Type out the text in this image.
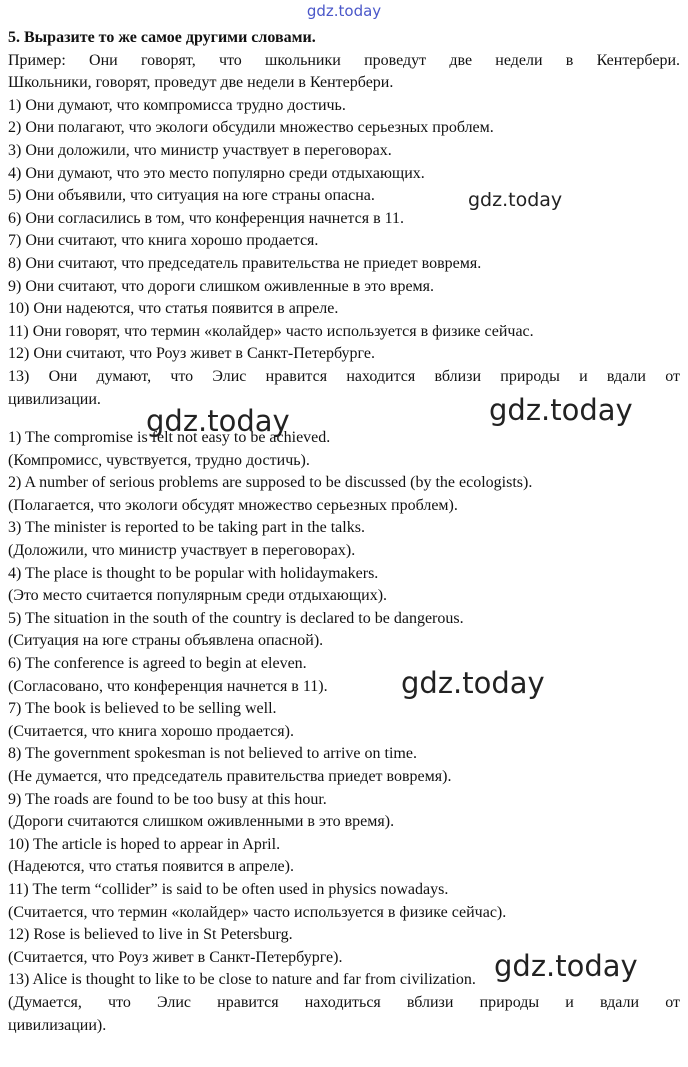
gdz.today
5. Выразите то же самое другими словами.
Пример: Они говорят, что школьники проведут две недели в Кентербери.
Школьники, говорят, проведут две недели в Кентербери.
1) Они думают, что компромисса трудно достичь.
2) Они полагают, что экологи обсудили множество серьезных проблем.
3) Они доложили, что министр участвует в переговорах.
4) Они думают, что это место популярно среди отдыхающих.
5) Они объявили, что ситуация на юге страны опасна.
6) Они согласились в том, что конференция начнется в 11.
7) Они считают, что книга хорошо продается.
8) Они считают, что председатель правительства не приедет вовремя.
9) Они считают, что дороги слишком оживленные в это время.
10) Они надеются, что статья появится в апреле.
11) Они говорят, что термин «колайдер» часто используется в физике сейчас.
12) Они считают, что Роуз живет в Санкт-Петербурге.
13) Они думают, что Элис нравится находится вблизи природы и вдали от
цивилизации.
1) The compromise is felt not easy to be achieved.
(Компромисс, чувствуется, трудно достичь).
2) A number of serious problems are supposed to be discussed (by the ecologists).
(Полагается, что экологи обсудят множество серьезных проблем).
3) The minister is reported to be taking part in the talks.
(Доложили, что министр участвует в переговорах).
4) The place is thought to be popular with holidaymakers.
(Это место считается популярным среди отдыхающих).
5) The situation in the south of the country is declared to be dangerous.
(Ситуация на юге страны объявлена опасной).
6) The conference is agreed to begin at eleven.
(Согласовано, что конференция начнется в 11).
7) The book is believed to be selling well.
(Считается, что книга хорошо продается).
8) The government spokesman is not believed to arrive on time.
(Не думается, что председатель правительства приедет вовремя).
9) The roads are found to be too busy at this hour.
(Дороги считаются слишком оживленными в это время).
10) The article is hoped to appear in April.
(Надеются, что статья появится в апреле).
11) The term “collider” is said to be often used in physics nowadays.
(Считается, что термин «колайдер» часто используется в физике сейчас).
12) Rose is believed to live in St Petersburg.
(Считается, что Роуз живет в Санкт-Петербурге).
13) Alice is thought to like to be close to nature and far from civilization.
(Думается, что Элис нравится находиться вблизи природы и вдали от
цивилизации).
gdz.today
gdz.today	gdz.today
gdz.today
gdz.today
